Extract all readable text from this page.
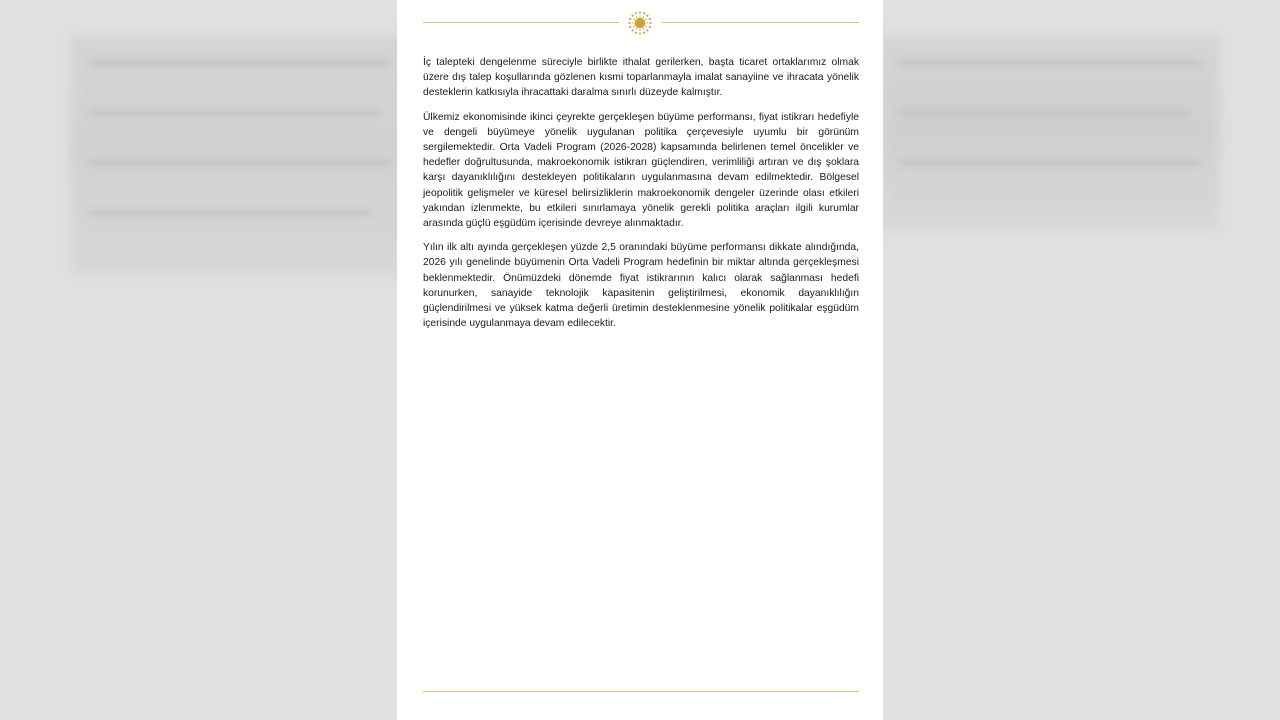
İç talepteki dengelenme süreciyle birlikte ithalat gerilerken, başta ticaret ortaklarımız olmak üzere dış talep koşullarında gözlenen kısmi toparlanmayla imalat sanayiine ve ihracata yönelik desteklerin katkısıyla ihracattaki daralma sınırlı düzeyde kalmıştır.

Ülkemiz ekonomisinde ikinci çeyrekte gerçekleşen büyüme performansı, fiyat istikrarı hedefiyle ve dengeli büyümeye yönelik uygulanan politika çerçevesiyle uyumlu bir görünüm sergilemektedir. Orta Vadeli Program (2026-2028) kapsamında belirlenen temel öncelikler ve hedefler doğrultusunda, makroekonomik istikrarı güçlendiren, verimliliği artıran ve dış şoklara karşı dayanıklılığını destekleyen politikaların uygulanmasına devam edilmektedir. Bölgesel jeopolitik gelişmeler ve küresel belirsizliklerin makroekonomik dengeler üzerinde olası etkileri yakından izlenmekte, bu etkileri sınırlamaya yönelik gerekli politika araçları ilgili kurumlar arasında güçlü eşgüdüm içerisinde devreye alınmaktadır.

Yılın ilk altı ayında gerçekleşen yüzde 2,5 oranındaki büyüme performansı dikkate alındığında, 2026 yılı genelinde büyümenin Orta Vadeli Program hedefinin bir miktar altında gerçekleşmesi beklenmektedir. Önümüzdeki dönemde fiyat istikrarının kalıcı olarak sağlanması hedefi korunurken, sanayide teknolojik kapasitenin geliştirilmesi, ekonomik dayanıklılığın güçlendirilmesi ve yüksek katma değerli üretimin desteklenmesine yönelik politikalar eşgüdüm içerisinde uygulanmaya devam edilecektir.
